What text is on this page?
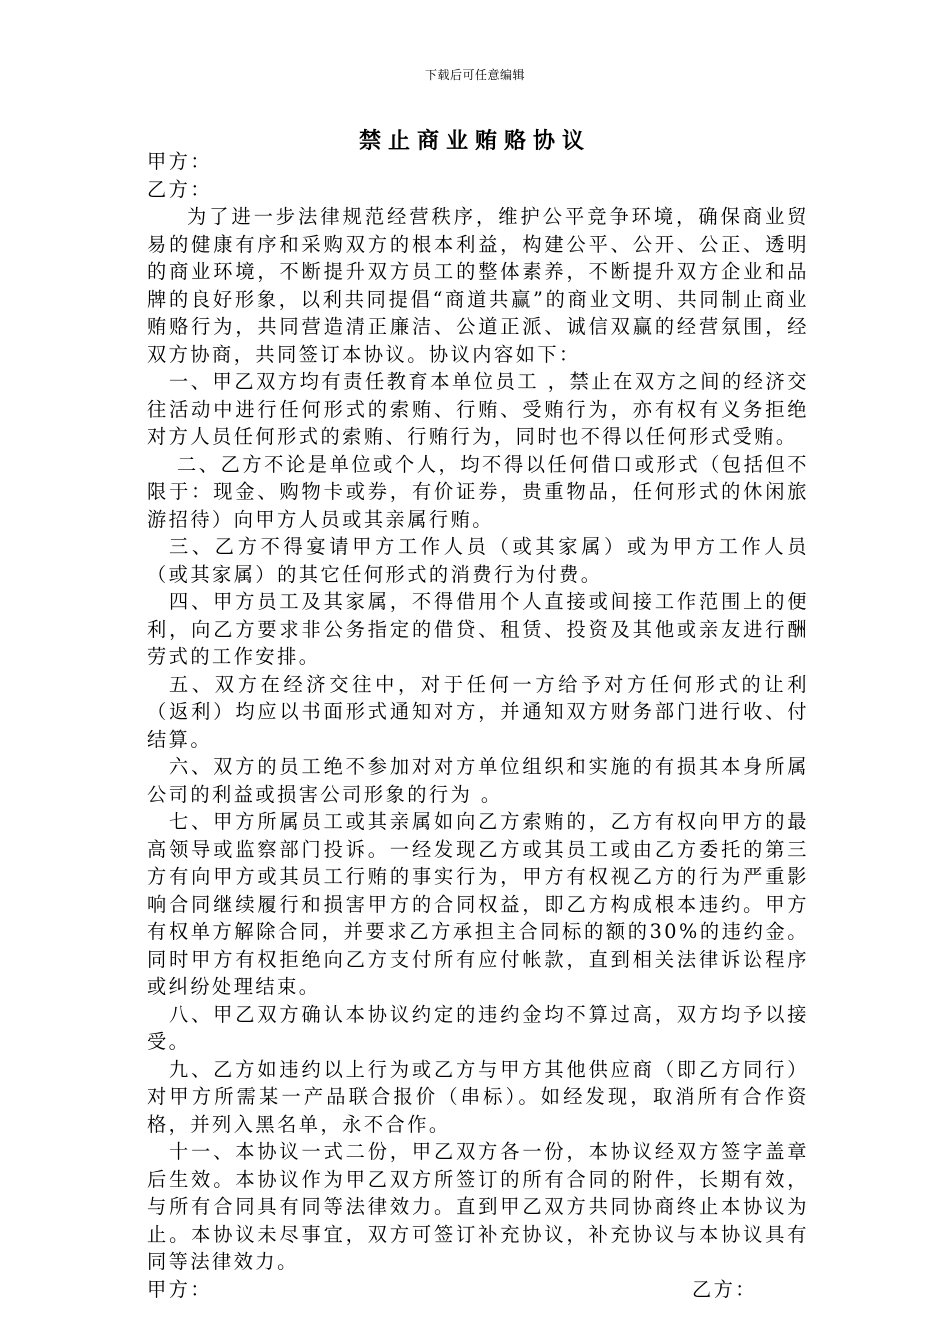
下载后可任意编辑
禁止商业贿赂协议

甲方：

乙方：

为了进一步法律规范经营秩序，维护公平竞争环境，确保商业贸易的健康有序和采购双方的根本利益，构建公平、公开、公正、透明的商业环境，不断提升双方员工的整体素养，不断提升双方企业和品牌的良好形象，以利共同提倡“商道共赢”的商业文明、共同制止商业贿赂行为，共同营造清正廉洁、公道正派、诚信双赢的经营氛围，经双方协商，共同签订本协议。协议内容如下：

一、甲乙双方均有责任教育本单位员工 ，禁止在双方之间的经济交往活动中进行任何形式的索贿、行贿、受贿行为，亦有权有义务拒绝对方人员任何形式的索贿、行贿行为，同时也不得以任何形式受贿。

二、乙方不论是单位或个人，均不得以任何借口或形式（包括但不限于：现金、购物卡或券，有价证券，贵重物品，任何形式的休闲旅游招待）向甲方人员或其亲属行贿。

三、乙方不得宴请甲方工作人员（或其家属）或为甲方工作人员（或其家属）的其它任何形式的消费行为付费。

四、甲方员工及其家属，不得借用个人直接或间接工作范围上的便利，向乙方要求非公务指定的借贷、租赁、投资及其他或亲友进行酬劳式的工作安排。

五、双方在经济交往中，对于任何一方给予对方任何形式的让利（返利）均应以书面形式通知对方，并通知双方财务部门进行收、付结算。

六、双方的员工绝不参加对对方单位组织和实施的有损其本身所属公司的利益或损害公司形象的行为 。

七、甲方所属员工或其亲属如向乙方索贿的，乙方有权向甲方的最高领导或监察部门投诉。一经发现乙方或其员工或由乙方委托的第三方有向甲方或其员工行贿的事实行为，甲方有权视乙方的行为严重影响合同继续履行和损害甲方的合同权益，即乙方构成根本违约。甲方有权单方解除合同，并要求乙方承担主合同标的额的30%的违约金。同时甲方有权拒绝向乙方支付所有应付帐款，直到相关法律诉讼程序或纠纷处理结束。

八、甲乙双方确认本协议约定的违约金均不算过高，双方均予以接受。

九、乙方如违约以上行为或乙方与甲方其他供应商（即乙方同行）对甲方所需某一产品联合报价（串标）。如经发现，取消所有合作资格，并列入黑名单，永不合作。

十一、本协议一式二份，甲乙双方各一份，本协议经双方签字盖章后生效。本协议作为甲乙双方所签订的所有合同的附件，长期有效，与所有合同具有同等法律效力。直到甲乙双方共同协商终止本协议为止。本协议未尽事宜，双方可签订补充协议，补充协议与本协议具有同等法律效力。

甲方：	乙方：
